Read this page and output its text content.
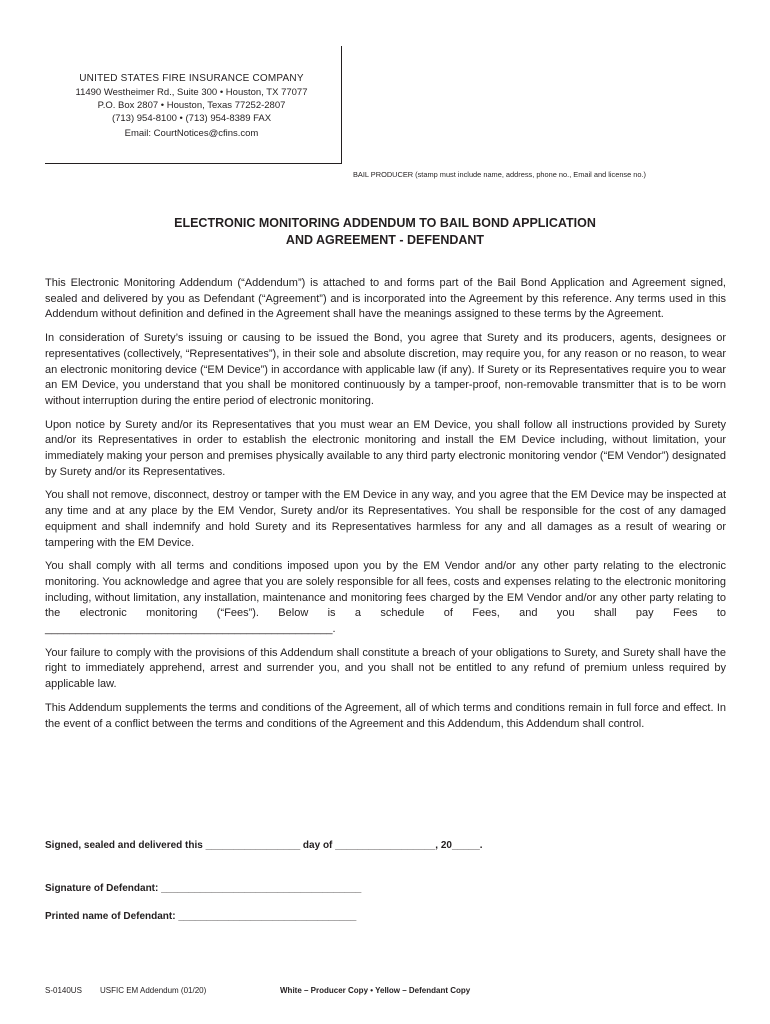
UNITED STATES FIRE INSURANCE COMPANY
11490 Westheimer Rd., Suite 300 • Houston, TX 77077
P.O. Box 2807 • Houston, Texas 77252-2807
(713) 954-8100 • (713) 954-8389 FAX
Email: CourtNotices@cfins.com
BAIL PRODUCER (stamp must include name, address, phone no., Email and license no.)
ELECTRONIC MONITORING ADDENDUM TO BAIL BOND APPLICATION
AND AGREEMENT - DEFENDANT

This Electronic Monitoring Addendum (“Addendum”) is attached to and forms part of the Bail Bond Application and Agreement signed, sealed and delivered by you as Defendant (“Agreement”) and is incorporated into the Agreement by this reference. Any terms used in this Addendum without definition and defined in the Agreement shall have the meanings assigned to these terms by the Agreement.

In consideration of Surety’s issuing or causing to be issued the Bond, you agree that Surety and its producers, agents, designees or representatives (collectively, “Representatives”), in their sole and absolute discretion, may require you, for any reason or no reason, to wear an electronic monitoring device (“EM Device”) in accordance with applicable law (if any). If Surety or its Representatives require you to wear an EM Device, you understand that you shall be monitored continuously by a tamper-proof, non-removable transmitter that is to be worn without interruption during the entire period of electronic monitoring.

Upon notice by Surety and/or its Representatives that you must wear an EM Device, you shall follow all instructions provided by Surety and/or its Representatives in order to establish the electronic monitoring and install the EM Device including, without limitation, your immediately making your person and premises physically available to any third party electronic monitoring vendor (“EM Vendor”) designated by Surety and/or its Representatives.

You shall not remove, disconnect, destroy or tamper with the EM Device in any way, and you agree that the EM Device may be inspected at any time and at any place by the EM Vendor, Surety and/or its Representatives. You shall be responsible for the cost of any damaged equipment and shall indemnify and hold Surety and its Representatives harmless for any and all damages as a result of wearing or tampering with the EM Device.

You shall comply with all terms and conditions imposed upon you by the EM Vendor and/or any other party relating to the electronic monitoring. You acknowledge and agree that you are solely responsible for all fees, costs and expenses relating to the electronic monitoring including, without limitation, any installation, maintenance and monitoring fees charged by the EM Vendor and/or any other party relating to the electronic monitoring (“Fees”). Below is a schedule of Fees, and you shall pay Fees to _______________________________________________.

Your failure to comply with the provisions of this Addendum shall constitute a breach of your obligations to Surety, and Surety shall have the right to immediately apprehend, arrest and surrender you, and you shall not be entitled to any refund of premium unless required by applicable law.

This Addendum supplements the terms and conditions of the Agreement, all of which terms and conditions remain in full force and effect. In the event of a conflict between the terms and conditions of the Agreement and this Addendum, this Addendum shall control.

Signed, sealed and delivered this _________________ day of __________________, 20_____.
Signature of Defendant: ____________________________________
Printed name of Defendant: ________________________________
S-0140US USFIC EM Addendum (01/20)	White – Producer Copy • Yellow – Defendant Copy
